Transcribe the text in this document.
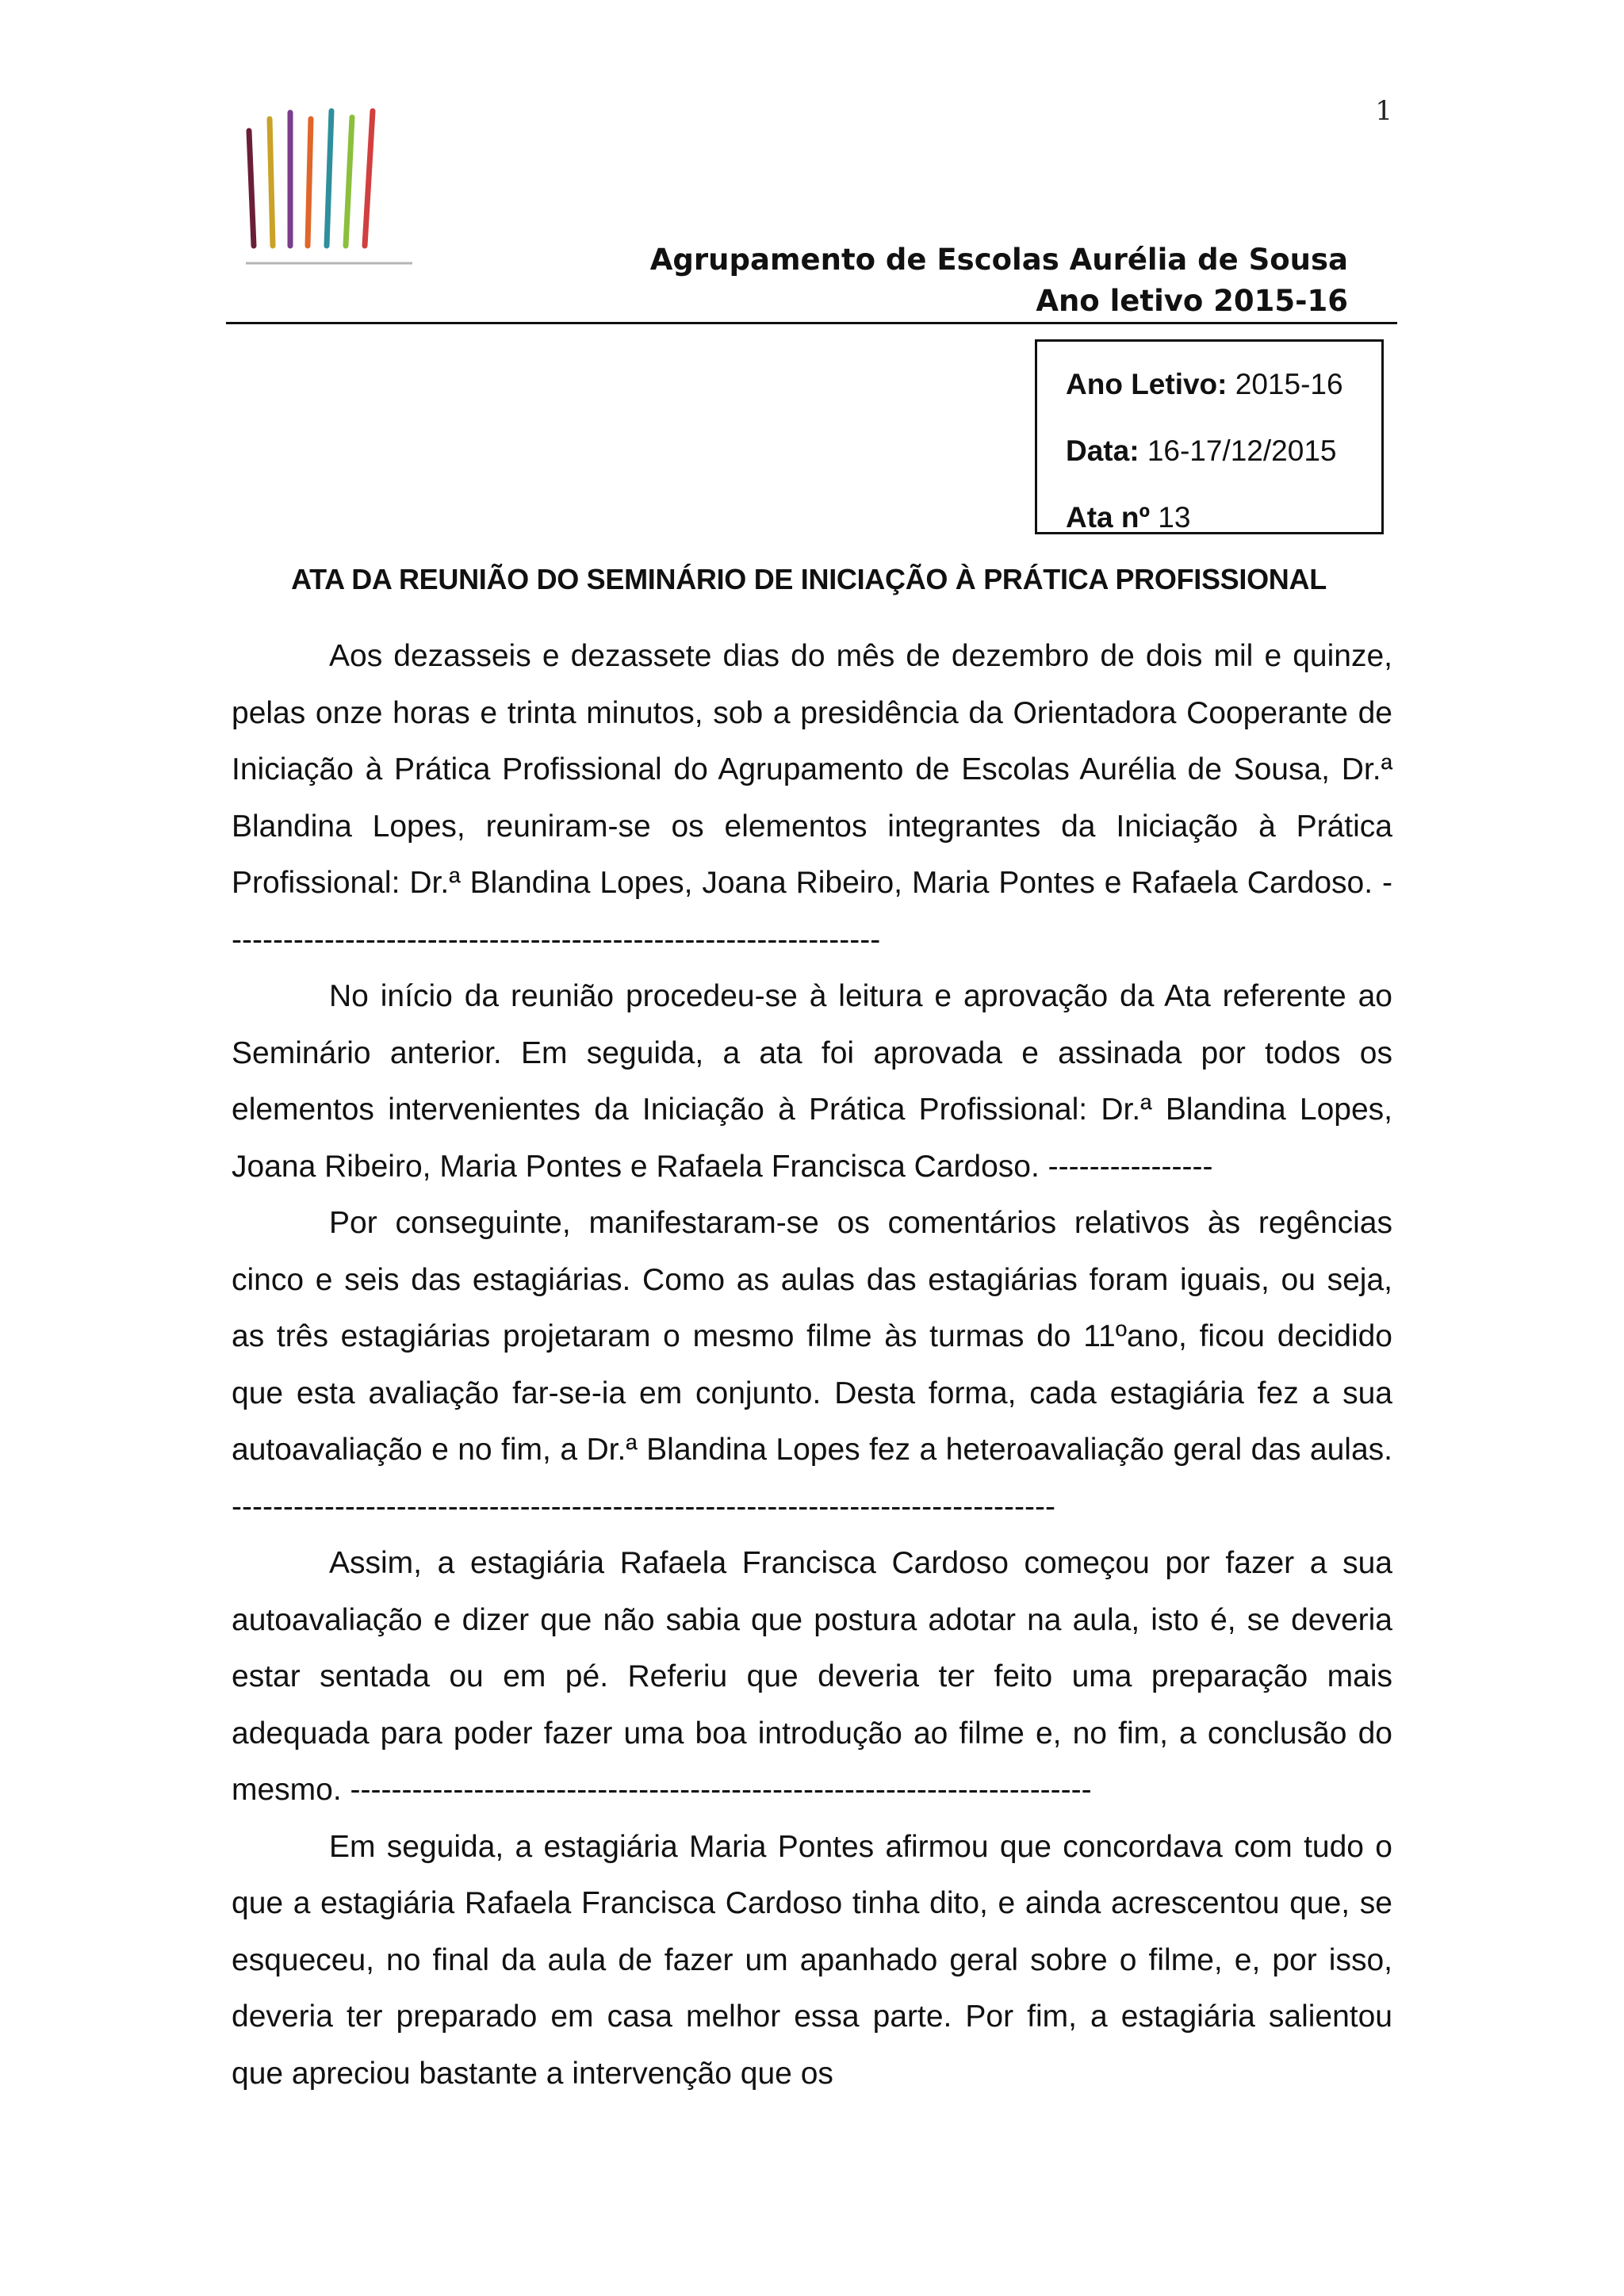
1
Agrupamento de Escolas Aurélia de Sousa
Ano letivo 2015-16
Ano Letivo: 2015-16
Data: 16-17/12/2015
Ata nº 13
ATA DA REUNIÃO DO SEMINÁRIO DE INICIAÇÃO À PRÁTICA PROFISSIONAL

Aos dezasseis e dezassete dias do mês de dezembro de dois mil e quinze, pelas onze horas e trinta minutos, sob a presidência da Orientadora Cooperante de Iniciação à Prática Profissional do Agrupamento de Escolas Aurélia de Sousa, Dr.ª Blandina Lopes, reuniram-se os elementos integrantes da Iniciação à Prática Profissional: Dr.ª Blandina Lopes, Joana Ribeiro, Maria Pontes e Rafaela Cardoso. ----------------------------------------------------------------

No início da reunião procedeu-se à leitura e aprovação da Ata referente ao Seminário anterior. Em seguida, a ata foi aprovada e assinada por todos os elementos intervenientes da Iniciação à Prática Profissional: Dr.ª Blandina Lopes, Joana Ribeiro, Maria Pontes e Rafaela Francisca Cardoso. ----------------

Por conseguinte, manifestaram-se os comentários relativos às regências cinco e seis das estagiárias. Como as aulas das estagiárias foram iguais, ou seja, as três estagiárias projetaram o mesmo filme às turmas do 11ºano, ficou decidido que esta avaliação far-se-ia em conjunto. Desta forma, cada estagiária fez a sua autoavaliação e no fim, a Dr.ª Blandina Lopes fez a heteroavaliação geral das aulas. --------------------------------------------------------------------------------

Assim, a estagiária Rafaela Francisca Cardoso começou por fazer a sua autoavaliação e dizer que não sabia que postura adotar na aula, isto é, se deveria estar sentada ou em pé. Referiu que deveria ter feito uma preparação mais adequada para poder fazer uma boa introdução ao filme e, no fim, a conclusão do mesmo. ------------------------------------------------------------------------

Em seguida, a estagiária Maria Pontes afirmou que concordava com tudo o que a estagiária Rafaela Francisca Cardoso tinha dito, e ainda acrescentou que, se esqueceu, no final da aula de fazer um apanhado geral sobre o filme, e, por isso, deveria ter preparado em casa melhor essa parte. Por fim, a estagiária salientou que apreciou bastante a intervenção que os
